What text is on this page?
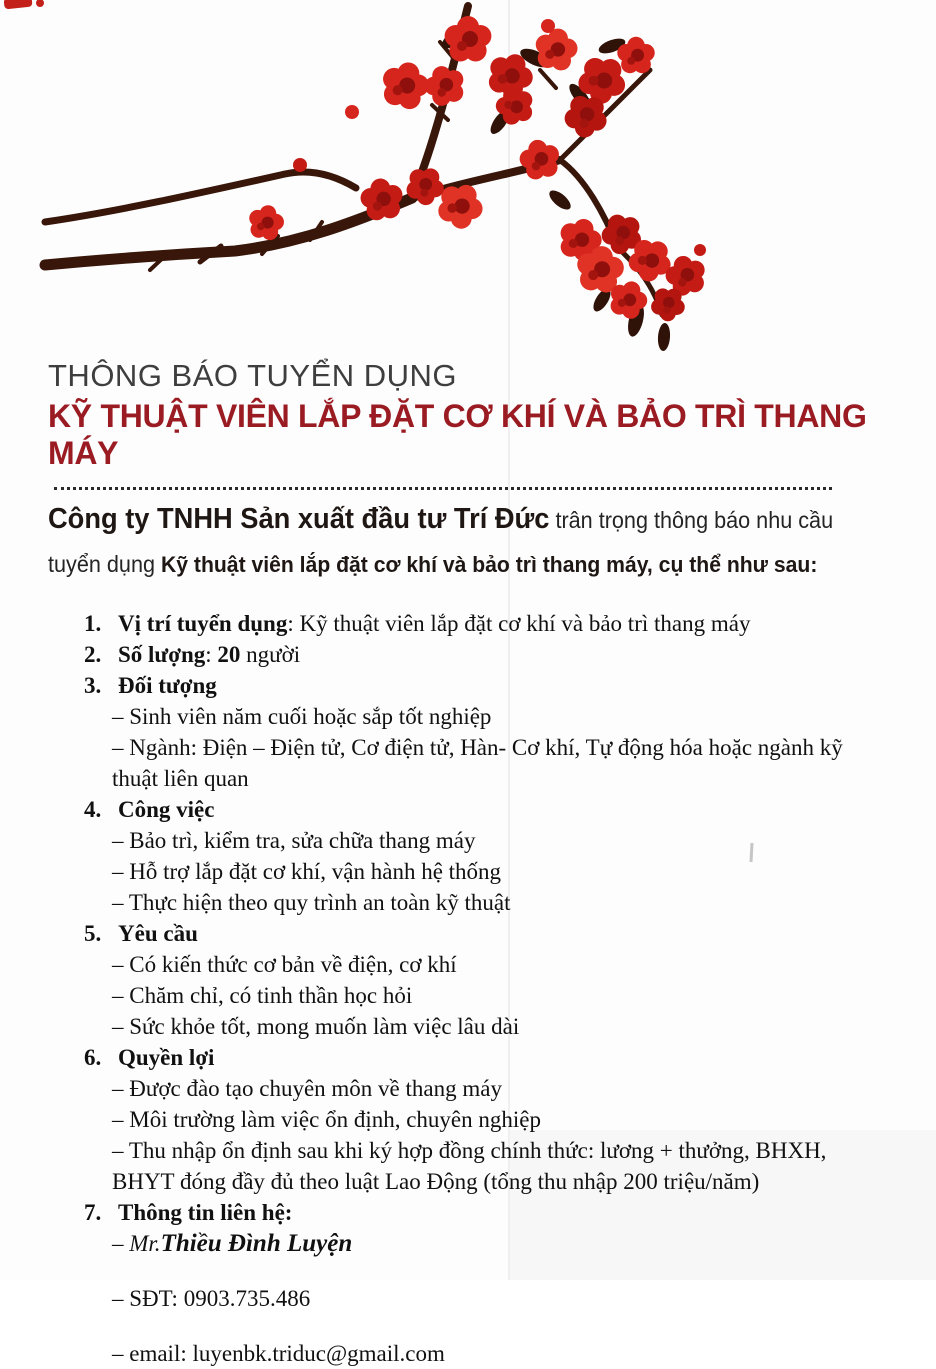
THÔNG BÁO TUYỂN DỤNG
KỸ THUẬT VIÊN LẮP ĐẶT CƠ KHÍ VÀ BẢO TRÌ THANG
MÁY
Công ty TNHH Sản xuất đầu tư Trí Đức trân trọng thông báo nhu cầu
tuyển dụng Kỹ thuật viên lắp đặt cơ khí và bảo trì thang máy, cụ thể như sau:
1. Vị trí tuyển dụng: Kỹ thuật viên lắp đặt cơ khí và bảo trì thang máy
2. Số lượng: 20 người
3. Đối tượng
– Sinh viên năm cuối hoặc sắp tốt nghiệp
– Ngành: Điện – Điện tử, Cơ điện tử, Hàn- Cơ khí, Tự động hóa hoặc ngành kỹ thuật liên quan
4. Công việc
– Bảo trì, kiểm tra, sửa chữa thang máy
– Hỗ trợ lắp đặt cơ khí, vận hành hệ thống
– Thực hiện theo quy trình an toàn kỹ thuật
5. Yêu cầu
– Có kiến thức cơ bản về điện, cơ khí
– Chăm chỉ, có tinh thần học hỏi
– Sức khỏe tốt, mong muốn làm việc lâu dài
6. Quyền lợi
– Được đào tạo chuyên môn về thang máy
– Môi trường làm việc ổn định, chuyên nghiệp
– Thu nhập ổn định sau khi ký hợp đồng chính thức: lương + thưởng, BHXH, BHYT đóng đầy đủ theo luật Lao Động (tổng thu nhập 200 triệu/năm)
7. Thông tin liên hệ:
– Mr.Thiều Đình Luyện
– SĐT: 0903.735.486
– email: luyenbk.triduc@gmail.com
